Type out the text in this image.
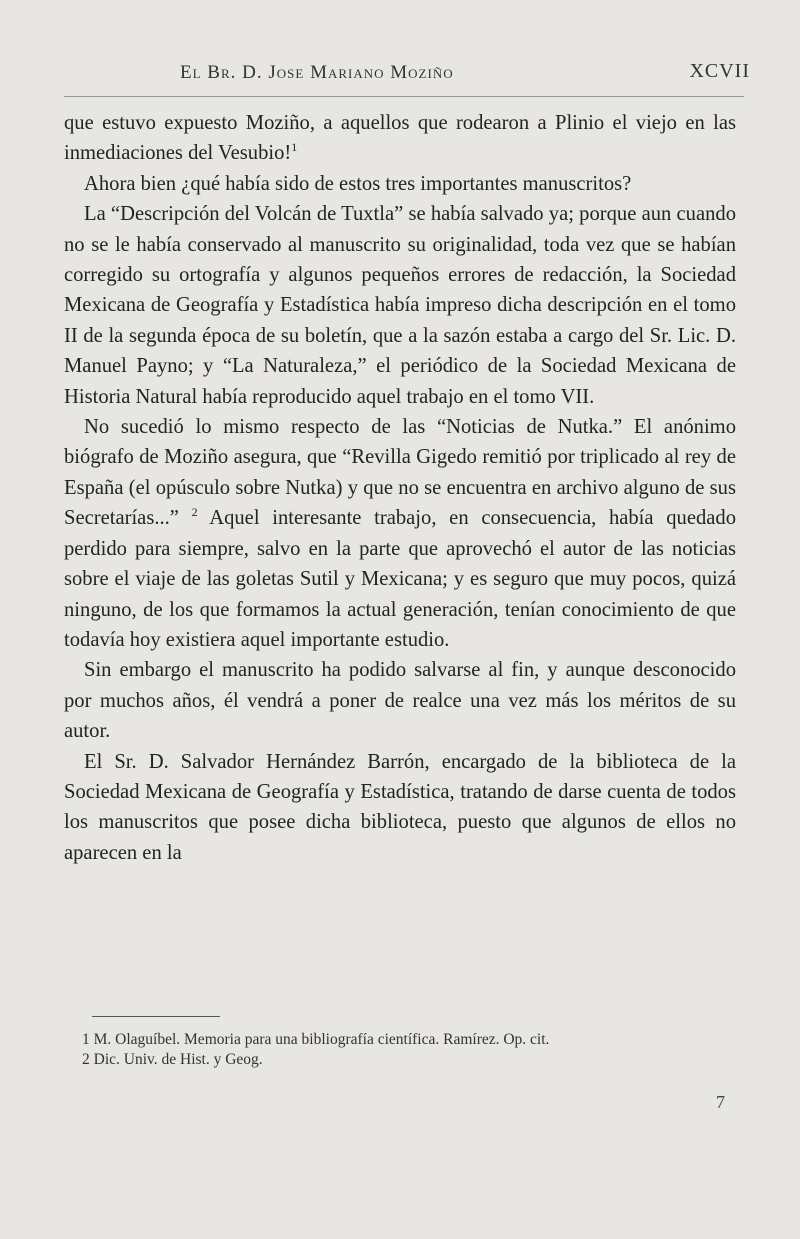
El Br. D. Jose Mariano Moziño	XCVII

que estuvo expuesto Moziño, a aquellos que rodearon a Plinio el viejo en las inmediaciones del Vesubio!$^1$

Ahora bien ¿qué había sido de estos tres importantes manuscritos?

La “Descripción del Volcán de Tuxtla” se había salvado ya; porque aun cuando no se le había conservado al manuscrito su originalidad, toda vez que se habían corregido su ortografía y algunos pequeños errores de redacción, la Sociedad Mexicana de Geografía y Estadística había impreso dicha descripción en el tomo II de la segunda época de su boletín, que a la sazón estaba a cargo del Sr. Lic. D. Manuel Payno; y “La Naturaleza,” el periódico de la Sociedad Mexicana de Historia Natural había reproducido aquel trabajo en el tomo VII.

No sucedió lo mismo respecto de las “Noticias de Nutka.” El anónimo biógrafo de Moziño asegura, que “Revilla Gigedo remitió por triplicado al rey de España (el opúsculo sobre Nutka) y que no se encuentra en archivo alguno de sus Secretarías...” $^2$ Aquel interesante trabajo, en consecuencia, había quedado perdido para siempre, salvo en la parte que aprovechó el autor de las noticias sobre el viaje de las goletas Sutil y Mexicana; y es seguro que muy pocos, quizá ninguno, de los que formamos la actual generación, tenían conocimiento de que todavía hoy existiera aquel importante estudio.

Sin embargo el manuscrito ha podido salvarse al fin, y aunque desconocido por muchos años, él vendrá a poner de realce una vez más los méritos de su autor.

El Sr. D. Salvador Hernández Barrón, encargado de la biblioteca de la Sociedad Mexicana de Geografía y Estadística, tratando de darse cuenta de todos los manuscritos que posee dicha biblioteca, puesto que algunos de ellos no aparecen en la

1 M. Olaguíbel. Memoria para una bibliografía científica. Ramírez. Op. cit.
2 Dic. Univ. de Hist. y Geog.
7
